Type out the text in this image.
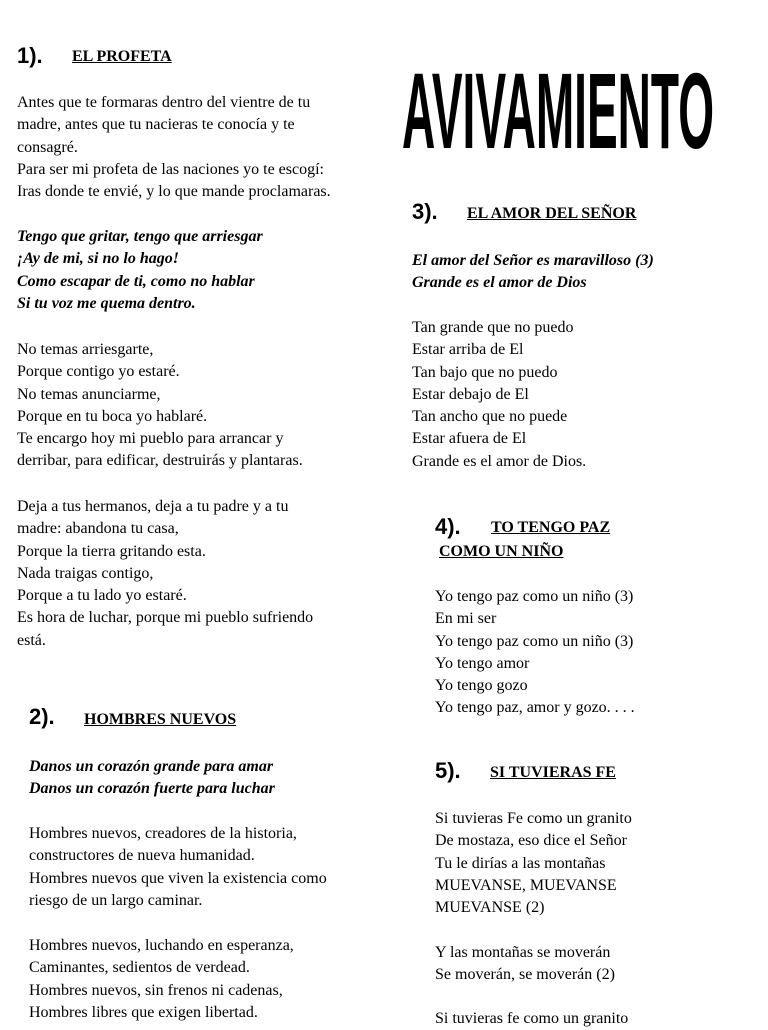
AVIVAMIENTO
1). EL PROFETA

Antes que te formaras dentro del vientre de tu
madre, antes que tu nacieras te conocía y te
consagré.
Para ser mi profeta de las naciones yo te escogí:
Iras donde te envié, y lo que mande proclamaras.

Tengo que gritar, tengo que arriesgar
¡Ay de mi, si no lo hago!
Como escapar de ti, como no hablar
Si tu voz me quema dentro.

No temas arriesgarte,
Porque contigo yo estaré.
No temas anunciarme,
Porque en tu boca yo hablaré.
Te encargo hoy mi pueblo para arrancar y
derribar, para edificar, destruirás y plantaras.

Deja a tus hermanos, deja a tu padre y a tu
madre: abandona tu casa,
Porque la tierra gritando esta.
Nada traigas contigo,
Porque a tu lado yo estaré.
Es hora de luchar, porque mi pueblo sufriendo
está.

2). HOMBRES NUEVOS

Danos un corazón grande para amar
Danos un corazón fuerte para luchar

Hombres nuevos, creadores de la historia,
constructores de nueva humanidad.
Hombres nuevos que viven la existencia como
riesgo de un largo caminar.

Hombres nuevos, luchando en esperanza,
Caminantes, sedientos de verdead.
Hombres nuevos, sin frenos ni cadenas,
Hombres libres que exigen libertad.

3). EL AMOR DEL SEÑOR

El amor del Señor es maravilloso (3)
Grande es el amor de Dios

Tan grande que no puedo
Estar arriba de El
Tan bajo que no puedo
Estar debajo de El
Tan ancho que no puede
Estar afuera de El
Grande es el amor de Dios.

4). TO TENGO PAZ
COMO UN NIÑO

Yo tengo paz como un niño (3)
En mi ser
Yo tengo paz como un niño (3)
Yo tengo amor
Yo tengo gozo
Yo tengo paz, amor y gozo. . . .

5). SI TUVIERAS FE

Si tuvieras Fe como un granito
De mostaza, eso dice el Señor
Tu le dirías a las montañas
MUEVANSE, MUEVANSE
MUEVANSE (2)

Y las montañas se moverán
Se moverán, se moverán (2)

Si tuvieras fe como un granito
